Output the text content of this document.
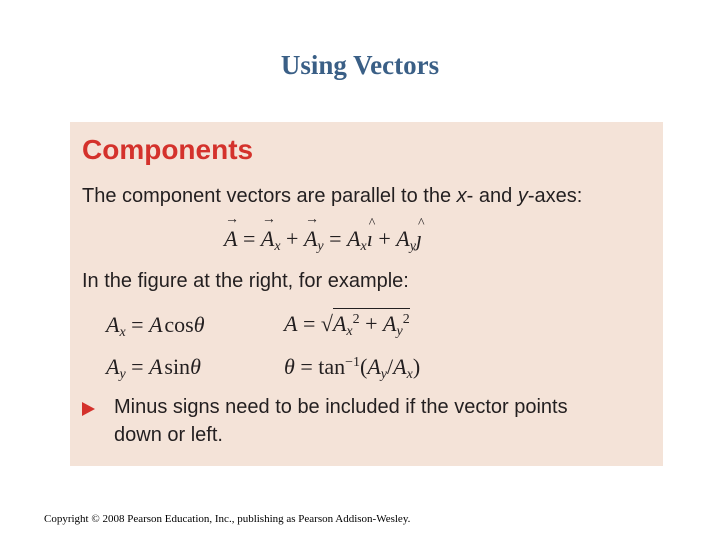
Using Vectors
Components
The component vectors are parallel to the x- and y-axes:
→ A = → $A_x$ + → $A_y$ = $A_x\^{}$ ı + $A_y\^{}$ ȷ
In the figure at the right, for example:
$A_x = A$ cosθ	$A = √A_x^2 + A_y^2$
$A_y = A$ sinθ	$\theta = \tan^{-1}(A_y/A_x)$
Minus signs need to be included if the vector points
down or left.
Copyright © 2008 Pearson Education, Inc., publishing as Pearson Addison-Wesley.
